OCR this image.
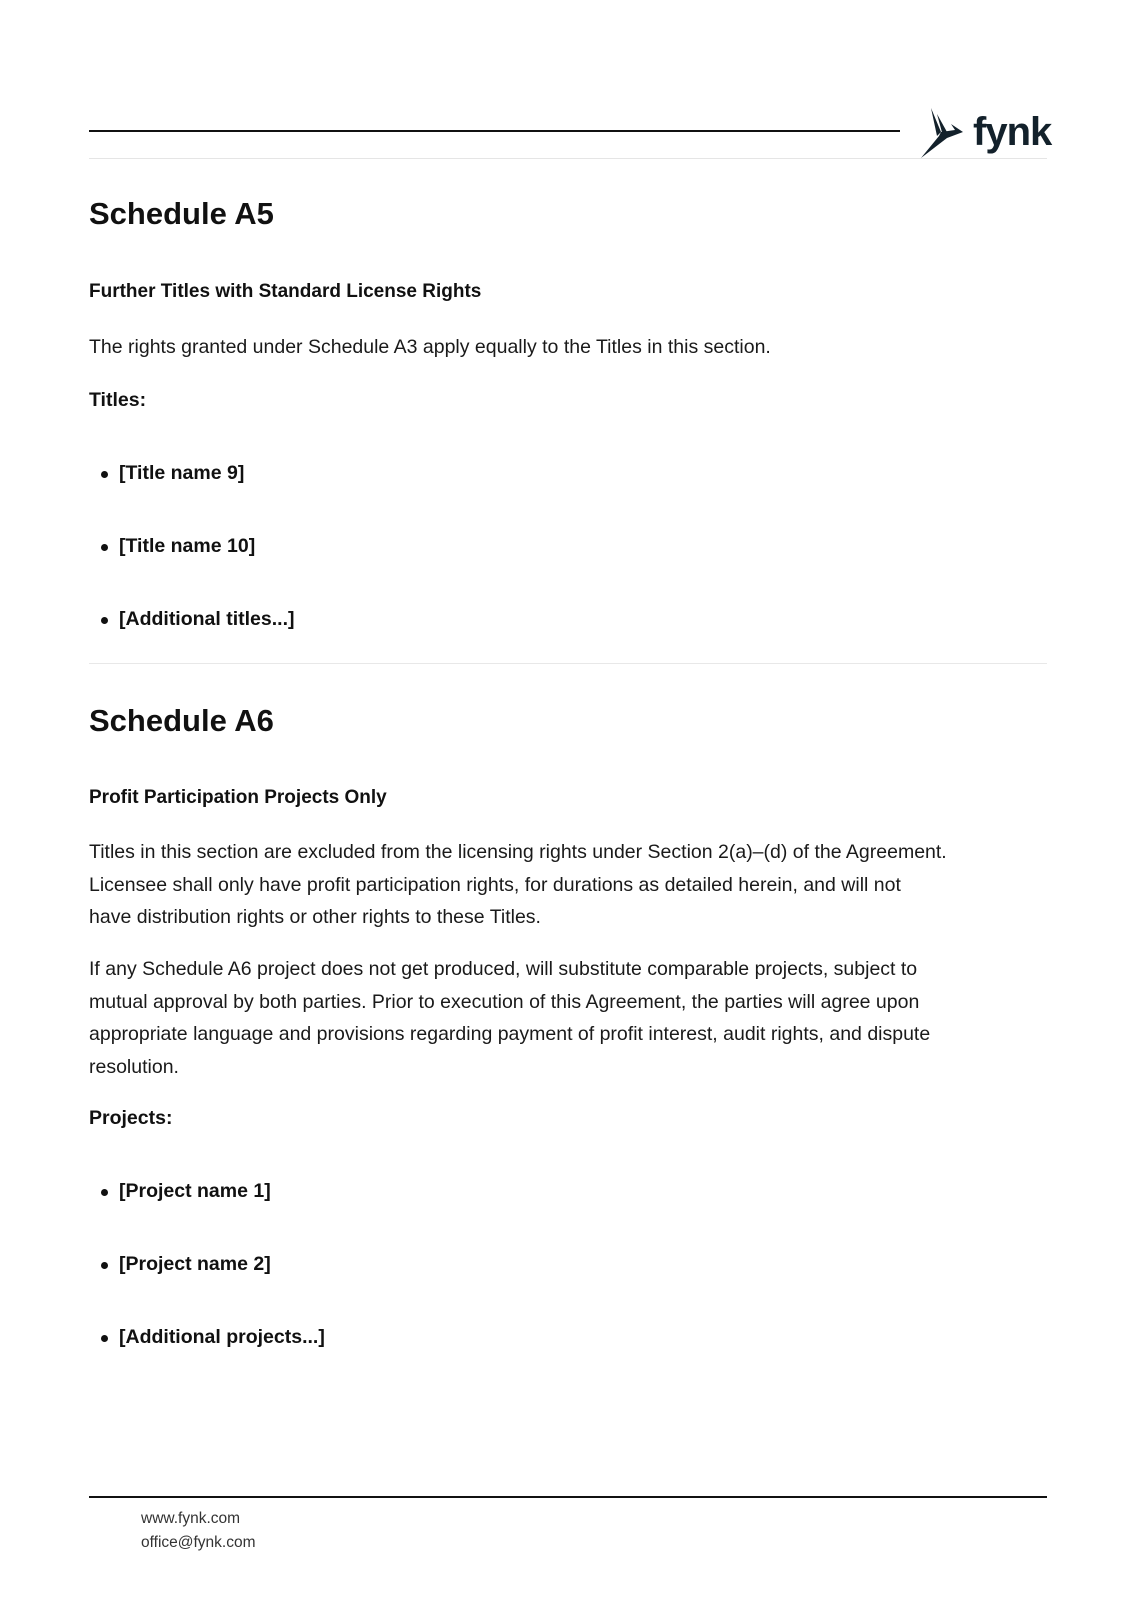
fynk
Schedule A5
Further Titles with Standard License Rights

The rights granted under Schedule A3 apply equally to the Titles in this section.

Titles:

[Title name 9]
[Title name 10]
[Additional titles...]
Schedule A6
Profit Participation Projects Only

Titles in this section are excluded from the licensing rights under Section 2(a)–(d) of the Agreement.

Licensee shall only have profit participation rights, for durations as detailed herein, and will not

have distribution rights or other rights to these Titles.

If any Schedule A6 project does not get produced, will substitute comparable projects, subject to

mutual approval by both parties. Prior to execution of this Agreement, the parties will agree upon

appropriate language and provisions regarding payment of profit interest, audit rights, and dispute

resolution.

Projects:

[Project name 1]
[Project name 2]
[Additional projects...]
www.fynk.com
office@fynk.com
